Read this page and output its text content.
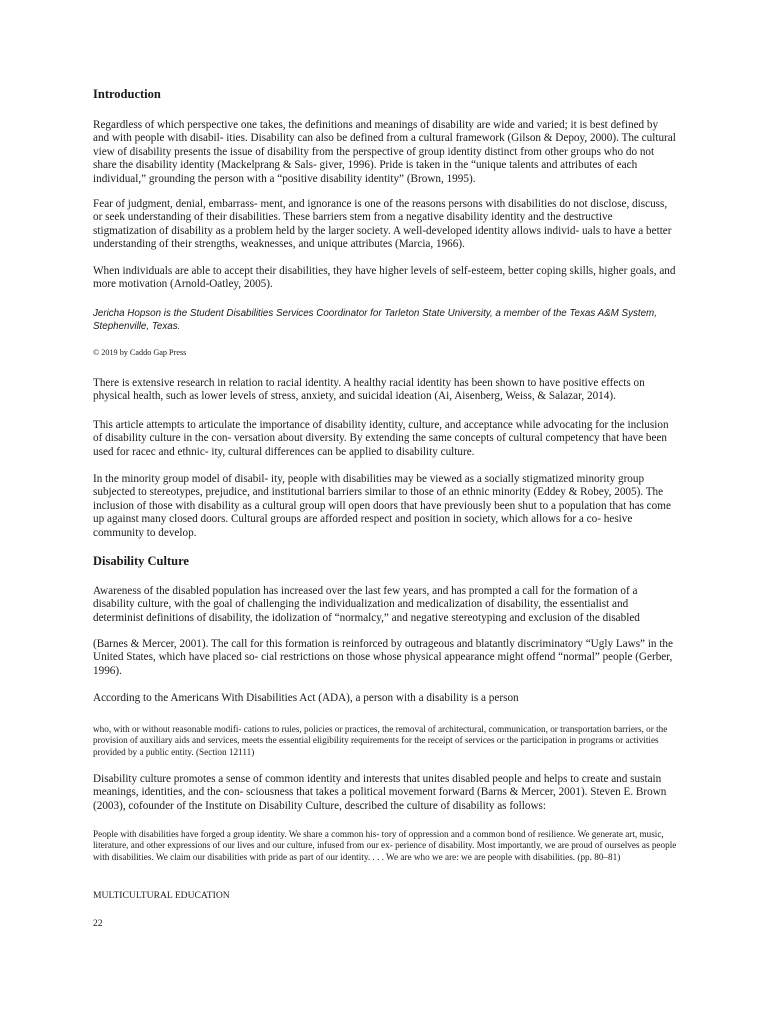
Introduction

Regardless of which perspective one takes, the definitions and meanings of disability are wide and varied; it is best defined by and with people with disabil- ities. Disability can also be defined from a cultural framework (Gilson & Depoy, 2000). The cultural view of disability presents the issue of disability from the perspective of group identity distinct from other groups who do not share the disability identity (Mackelprang & Sals- giver, 1996). Pride is taken in the “unique talents and attributes of each individual,” grounding the person with a “positive disability identity” (Brown, 1995).

Fear of judgment, denial, embarrass- ment, and ignorance is one of the reasons persons with disabilities do not disclose, discuss, or seek understanding of their disabilities. These barriers stem from a negative disability identity and the destructive stigmatization of disability as a problem held by the larger society. A well-developed identity allows individ- uals to have a better understanding of their strengths, weaknesses, and unique attributes (Marcia, 1966).

When individuals are able to accept their disabilities, they have higher levels of self-esteem, better coping skills, higher goals, and more motivation (Arnold-Oatley, 2005).

Jericha Hopson is the Student Disabilities Services Coordinator for Tarleton State University, a member of the Texas A&M System, Stephenville, Texas.

© 2019 by Caddo Gap Press

There is extensive research in relation to racial identity. A healthy racial identity has been shown to have positive effects on physical health, such as lower levels of stress, anxiety, and suicidal ideation (Ai, Aisenberg, Weiss, & Salazar, 2014).

This article attempts to articulate the importance of disability identity, culture, and acceptance while advocating for the inclusion of disability culture in the con- versation about diversity. By extending the same concepts of cultural competency that have been used for racec and ethnic- ity, cultural differences can be applied to disability culture.

In the minority group model of disabil- ity, people with disabilities may be viewed as a socially stigmatized minority group subjected to stereotypes, prejudice, and institutional barriers similar to those of an ethnic minority (Eddey & Robey, 2005). The inclusion of those with disability as a cultural group will open doors that have previously been shut to a population that has come up against many closed doors. Cultural groups are afforded respect and position in society, which allows for a co- hesive community to develop.

Disability Culture

Awareness of the disabled population has increased over the last few years, and has prompted a call for the formation of a disability culture, with the goal of challenging the individualization and medicalization of disability, the essentialist and determinist definitions of disability, the idolization of “normalcy,” and negative stereotyping and exclusion of the disabled

(Barnes & Mercer, 2001). The call for this formation is reinforced by outrageous and blatantly discriminatory “Ugly Laws” in the United States, which have placed so- cial restrictions on those whose physical appearance might offend “normal” people (Gerber, 1996).

According to the Americans With Disabilities Act (ADA), a person with a disability is a person

who, with or without reasonable modifi- cations to rules, policies or practices, the removal of architectural, communication, or transportation barriers, or the provision of auxiliary aids and services, meets the essential eligibility requirements for the receipt of services or the participation in programs or activities provided by a public entity. (Section 12111)

Disability culture promotes a sense of common identity and interests that unites disabled people and helps to create and sustain meanings, identities, and the con- sciousness that takes a political movement forward (Barns & Mercer, 2001). Steven E. Brown (2003), cofounder of the Institute on Disability Culture, described the culture of disability as follows:

People with disabilities have forged a group identity. We share a common his- tory of oppression and a common bond of resilience. We generate art, music, literature, and other expressions of our lives and our culture, infused from our ex- perience of disability. Most importantly, we are proud of ourselves as people with disabilities. We claim our disabilities with pride as part of our identity. . . . We are who we are: we are people with disabilities. (pp. 80–81)

MULTICULTURAL EDUCATION
22
